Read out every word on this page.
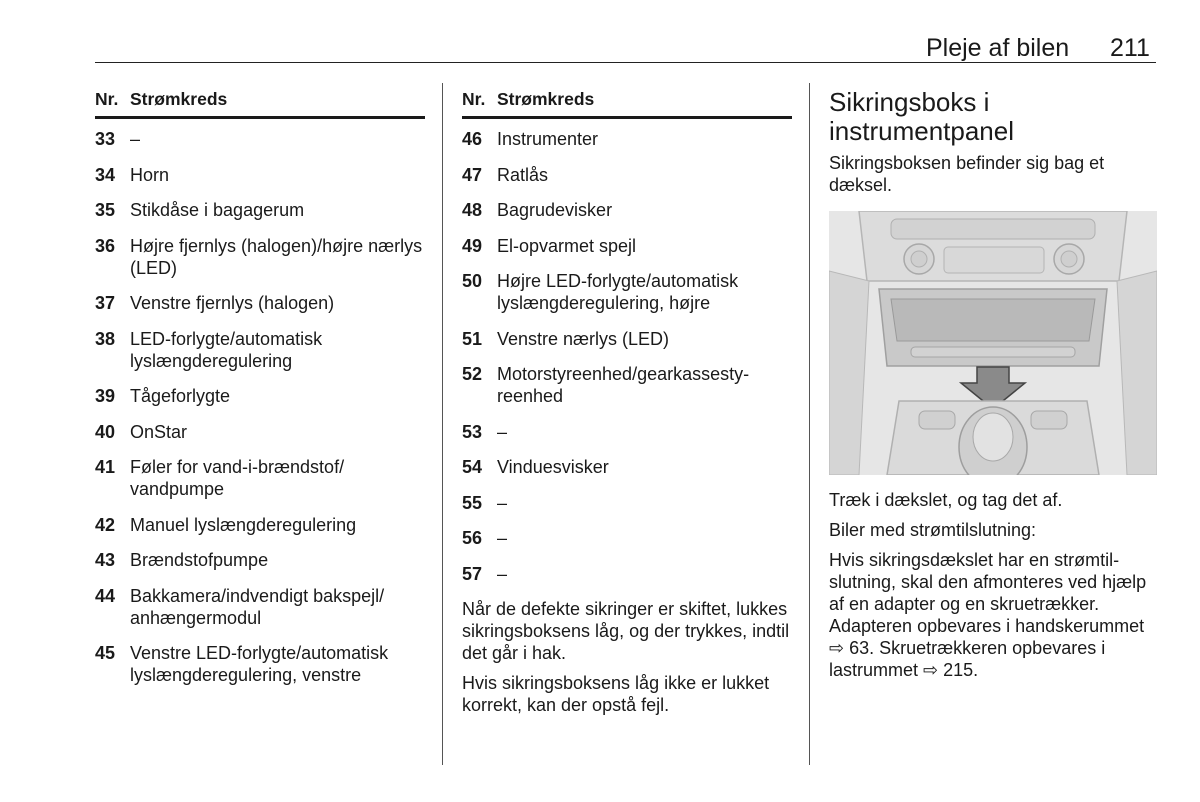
Pleje af bilen 211
Nr. Strømkreds
33 –
34 Horn
35 Stikdåse i bagagerum
36 Højre fjernlys (halogen)/højre nærlys (LED)
37 Venstre fjernlys (halogen)
38 LED-forlygte/automatisk lyslængderegulering
39 Tågeforlygte
40 OnStar
41 Føler for vand-i-brændstof/ vandpumpe
42 Manuel lyslængderegulering
43 Brændstofpumpe
44 Bakkamera/indvendigt bakspejl/ anhængermodul
45 Venstre LED-forlygte/automatisk lyslængderegulering, venstre
Nr. Strømkreds
46 Instrumenter
47 Ratlås
48 Bagrudevisker
49 El-opvarmet spejl
50 Højre LED-forlygte/automatisk lyslængderegulering, højre
51 Venstre nærlys (LED)
52 Motorstyreenhed/gearkassestyreenhed
53 –
54 Vinduesvisker
55 –
56 –
57 –

Når de defekte sikringer er skiftet, lukkes sikringsboksens låg, og der trykkes, indtil det går i hak.

Hvis sikringsboksens låg ikke er lukket korrekt, kan der opstå fejl.

Sikringsboks i instrumentpanel

Sikringsboksen befinder sig bag et dæksel.

Træk i dækslet, og tag det af.

Biler med strømtilslutning:

Hvis sikringsdækslet har en strømtilslutning, skal den afmonteres ved hjælp af en adapter og en skruetrækker. Adapteren opbevares i handskerummet ⇨ 63. Skruetrækkeren opbevares i lastrummet ⇨ 215.
